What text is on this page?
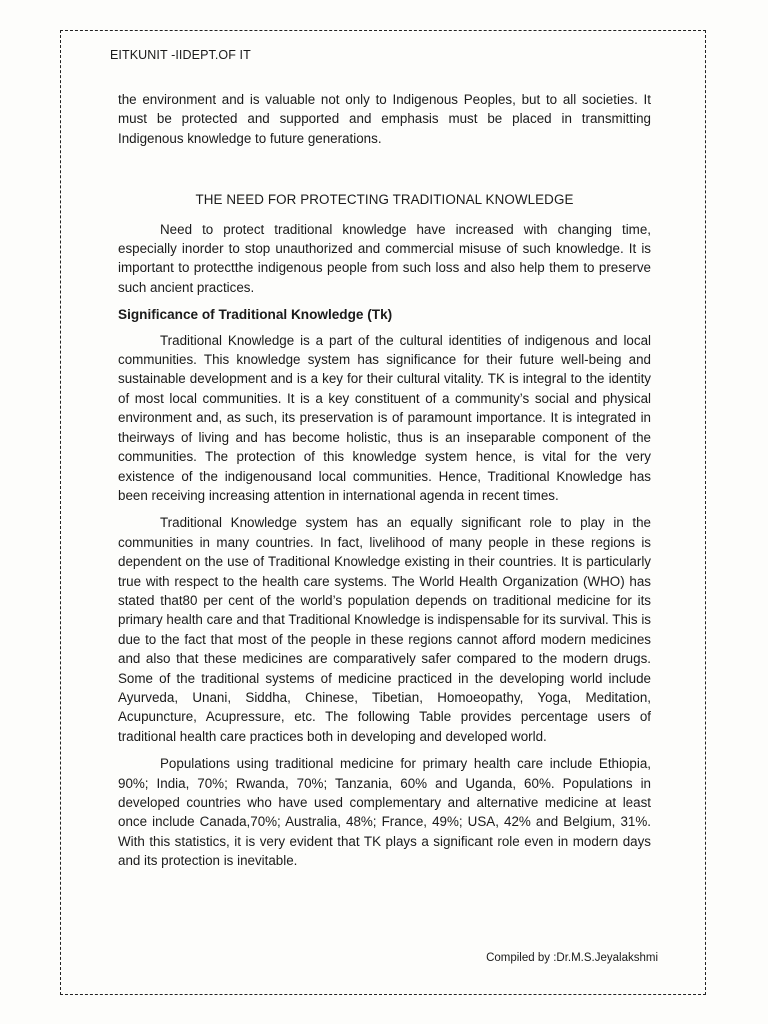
EITKUNIT -IIDEPT.OF IT

the environment and is valuable not only to Indigenous Peoples, but to all societies. It must be protected and supported and emphasis must be placed in transmitting Indigenous knowledge to future generations.

THE NEED FOR PROTECTING TRADITIONAL KNOWLEDGE

Need to protect traditional knowledge have increased with changing time, especially inorder to stop unauthorized and commercial misuse of such knowledge. It is important to protectthe indigenous people from such loss and also help them to preserve such ancient practices.

Significance of Traditional Knowledge (Tk)

Traditional Knowledge is a part of the cultural identities of indigenous and local communities. This knowledge system has significance for their future well-being and sustainable development and is a key for their cultural vitality. TK is integral to the identity of most local communities. It is a key constituent of a community’s social and physical environment and, as such, its preservation is of paramount importance. It is integrated in theirways of living and has become holistic, thus is an inseparable component of the communities. The protection of this knowledge system hence, is vital for the very existence of the indigenousand local communities. Hence, Traditional Knowledge has been receiving increasing attention in international agenda in recent times.

Traditional Knowledge system has an equally significant role to play in the communities in many countries. In fact, livelihood of many people in these regions is dependent on the use of Traditional Knowledge existing in their countries. It is particularly true with respect to the health care systems. The World Health Organization (WHO) has stated that80 per cent of the world’s population depends on traditional medicine for its primary health care and that Traditional Knowledge is indispensable for its survival. This is due to the fact that most of the people in these regions cannot afford modern medicines and also that these medicines are comparatively safer compared to the modern drugs. Some of the traditional systems of medicine practiced in the developing world include Ayurveda, Unani, Siddha, Chinese, Tibetian, Homoeopathy, Yoga, Meditation, Acupuncture, Acupressure, etc. The following Table provides percentage users of traditional health care practices both in developing and developed world.

Populations using traditional medicine for primary health care include Ethiopia, 90%; India, 70%; Rwanda, 70%; Tanzania, 60% and Uganda, 60%. Populations in developed countries who have used complementary and alternative medicine at least once include Canada,70%; Australia, 48%; France, 49%; USA, 42% and Belgium, 31%. With this statistics, it is very evident that TK plays a significant role even in modern days and its protection is inevitable.

Compiled by :Dr.M.S.Jeyalakshmi
